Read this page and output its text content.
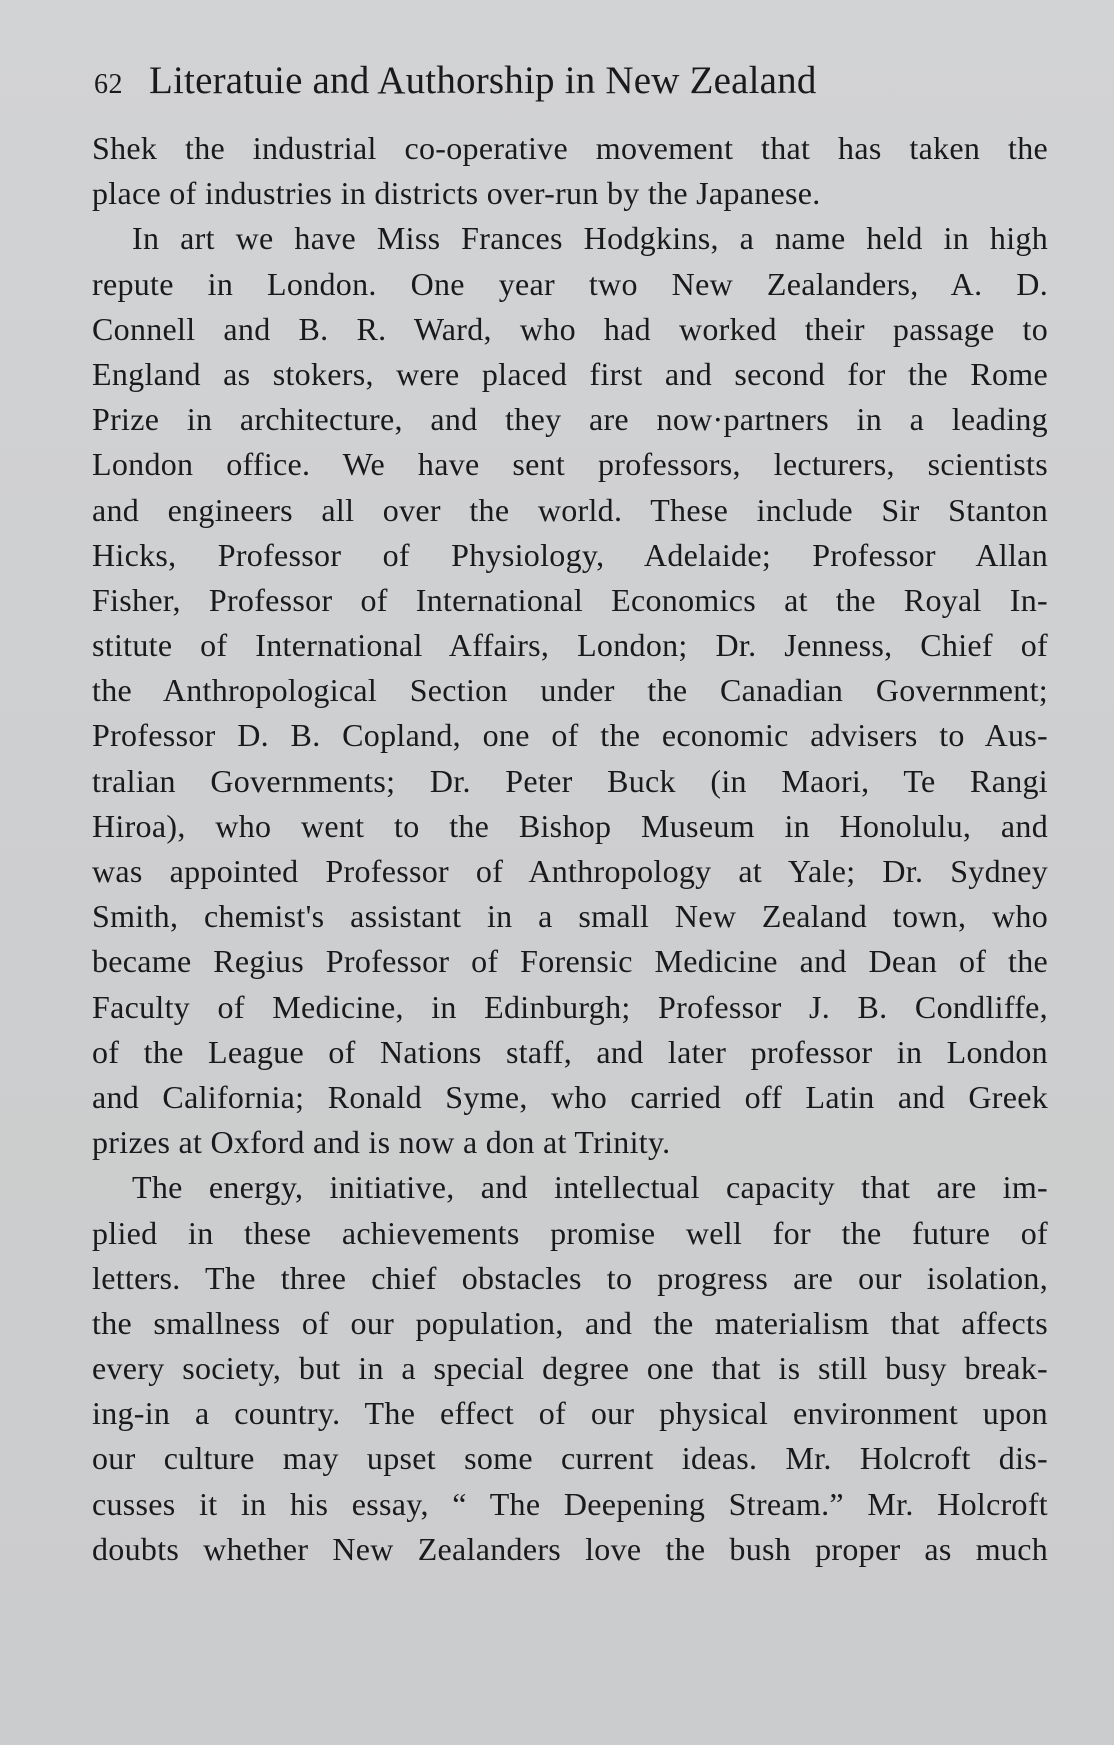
62 Literatuie and Authorship in New Zealand
Shek the industrial co-operative movement that has taken the
place of industries in districts over-run by the Japanese.
In art we have Miss Frances Hodgkins, a name held in high
repute in London. One year two New Zealanders, A. D.
Connell and B. R. Ward, who had worked their passage to
England as stokers, were placed first and second for the Rome
Prize in architecture, and they are now·partners in a leading
London office. We have sent professors, lecturers, scientists
and engineers all over the world. These include Sir Stanton
Hicks, Professor of Physiology, Adelaide; Professor Allan
Fisher, Professor of International Economics at the Royal In-
stitute of International Affairs, London; Dr. Jenness, Chief of
the Anthropological Section under the Canadian Government;
Professor D. B. Copland, one of the economic advisers to Aus-
tralian Governments; Dr. Peter Buck (in Maori, Te Rangi
Hiroa), who went to the Bishop Museum in Honolulu, and
was appointed Professor of Anthropology at Yale; Dr. Sydney
Smith, chemist's assistant in a small New Zealand town, who
became Regius Professor of Forensic Medicine and Dean of the
Faculty of Medicine, in Edinburgh; Professor J. B. Condliffe,
of the League of Nations staff, and later professor in London
and California; Ronald Syme, who carried off Latin and Greek
prizes at Oxford and is now a don at Trinity.
The energy, initiative, and intellectual capacity that are im-
plied in these achievements promise well for the future of
letters. The three chief obstacles to progress are our isolation,
the smallness of our population, and the materialism that affects
every society, but in a special degree one that is still busy break-
ing-in a country. The effect of our physical environment upon
our culture may upset some current ideas. Mr. Holcroft dis-
cusses it in his essay, “ The Deepening Stream.” Mr. Holcroft
doubts whether New Zealanders love the bush proper as much
